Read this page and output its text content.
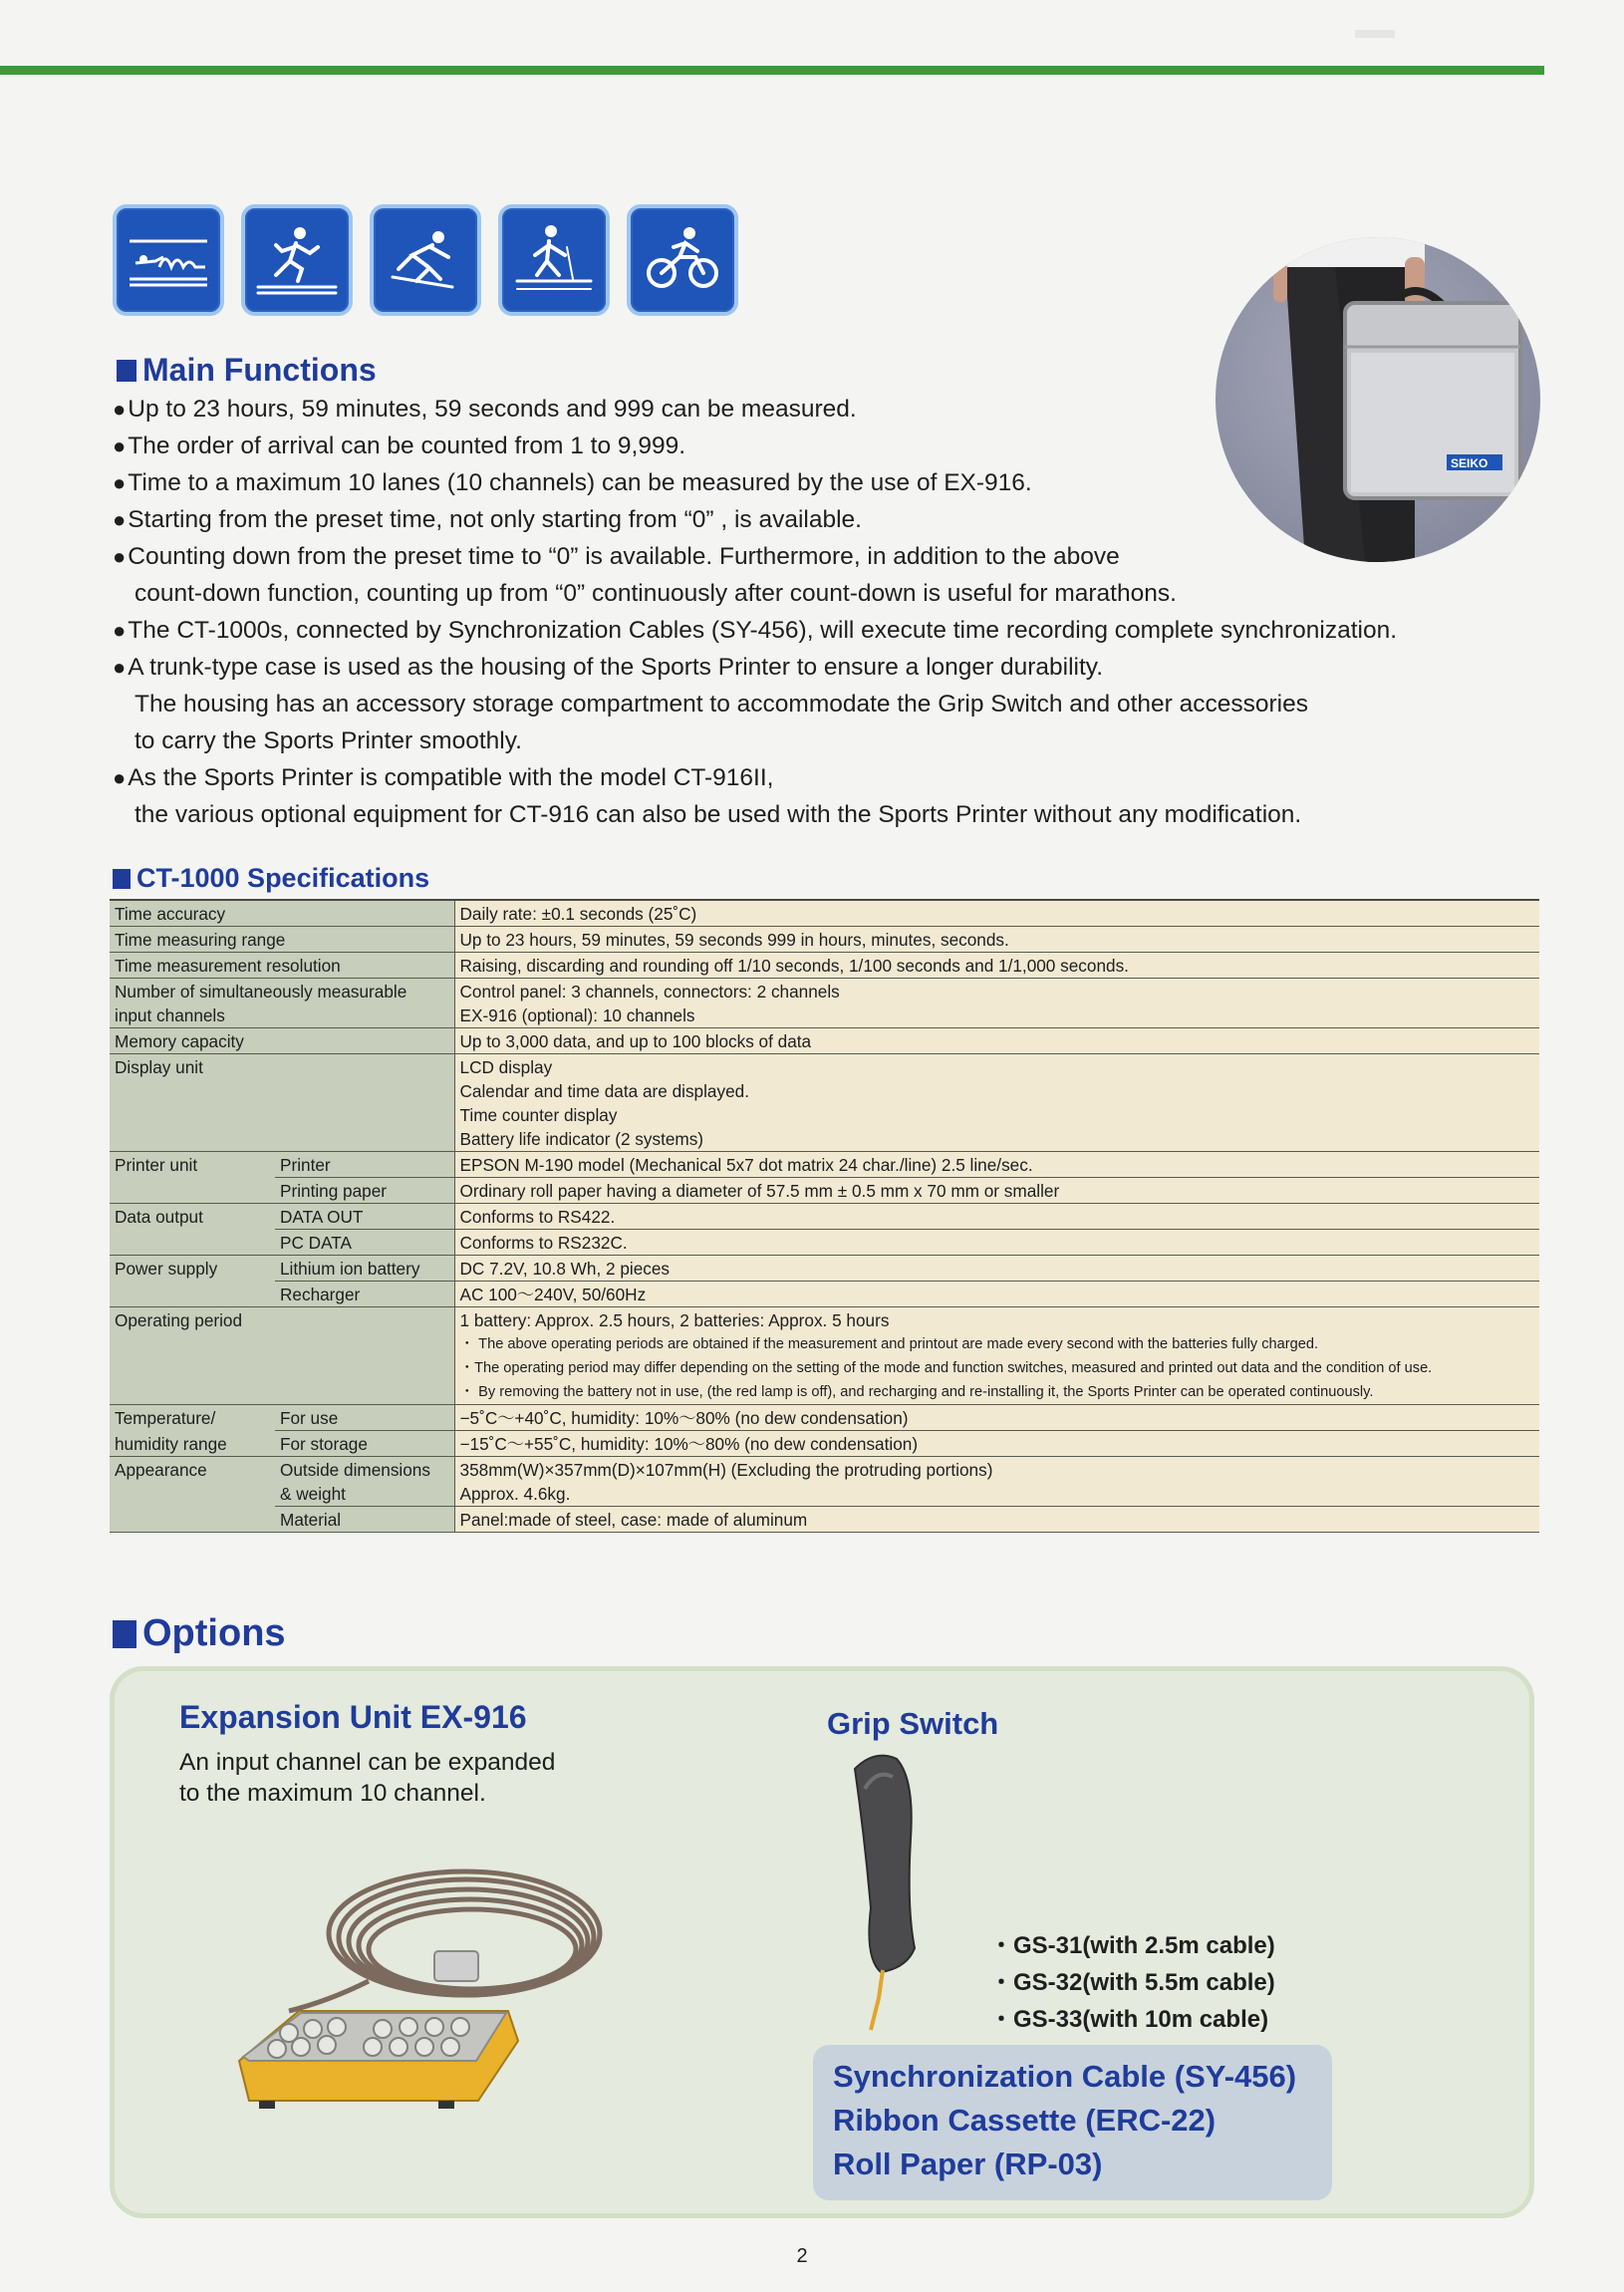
SEIKO
Main Functions

●Up to 23 hours, 59 minutes, 59 seconds and 999 can be measured.

●The order of arrival can be counted from 1 to 9,999.

●Time to a maximum 10 lanes (10 channels) can be measured by the use of EX-916.

●Starting from the preset time, not only starting from “0” , is available.

●Counting down from the preset time to “0” is available. Furthermore, in addition to the above
count-down function, counting up from “0” continuously after count-down is useful for marathons.

●The CT-1000s, connected by Synchronization Cables (SY-456), will execute time recording complete synchronization.

●A trunk-type case is used as the housing of the Sports Printer to ensure a longer durability.
The housing has an accessory storage compartment to accommodate the Grip Switch and other accessories
to carry the Sports Printer smoothly.

●As the Sports Printer is compatible with the model CT-916II,
the various optional equipment for CT-916 can also be used with the Sports Printer without any modification.

CT-1000 Specifications
Time accuracy		Daily rate: ±0.1 seconds (25˚C)
Time measuring range		Up to 23 hours, 59 minutes, 59 seconds 999 in hours, minutes, seconds.
Time measurement resolution		Raising, discarding and rounding off 1/10 seconds, 1/100 seconds and 1/1,000 seconds.

Number of simultaneously measurable
input channels		Control panel: 3 channels, connectors: 2 channels
EX-916 (optional): 10 channels

Memory capacity		Up to 3,000 data, and up to 100 blocks of data
Display unit		LCD display
Calendar and time data are displayed.
Time counter display
Battery life indicator (2 systems)

Printer unit	Printer	EPSON M-190 model (Mechanical 5x7 dot matrix 24 char./line) 2.5 line/sec.
	Printing paper	Ordinary roll paper having a diameter of 57.5 mm ± 0.5 mm x 70 mm or smaller
Data output	DATA OUT	Conforms to RS422.
	PC DATA	Conforms to RS232C.
Power supply	Lithium ion battery	DC 7.2V, 10.8 Wh, 2 pieces
	Recharger	AC 100～240V, 50/60Hz
Operating period		1 battery: Approx. 2.5 hours, 2 batteries: Approx. 5 hours
・ The above operating periods are obtained if the measurement and printout are made every second with the batteries fully charged.
・The operating period may differ depending on the setting of the mode and function switches, measured and printed out data and the condition of use.
・ By removing the battery not in use, (the red lamp is off), and recharging and re-installing it, the Sports Printer can be operated continuously.

Temperature/	For use	−5˚C～+40˚C, humidity: 10%～80% (no dew condensation)
humidity range	For storage	−15˚C～+55˚C, humidity: 10%～80% (no dew condensation)
Appearance	Outside dimensions
& weight	358mm(W)×357mm(D)×107mm(H) (Excluding the protruding portions)
Approx. 4.6kg.

	Material	Panel:made of steel, case: made of aluminum
Options
Expansion Unit EX-916
An input channel can be expanded
to the maximum 10 channel.
Grip Switch
・GS-31(with 2.5m cable)
・GS-32(with 5.5m cable)
・GS-33(with 10m cable)
Synchronization Cable (SY-456)
Ribbon Cassette (ERC-22)
Roll Paper (RP-03)
2
